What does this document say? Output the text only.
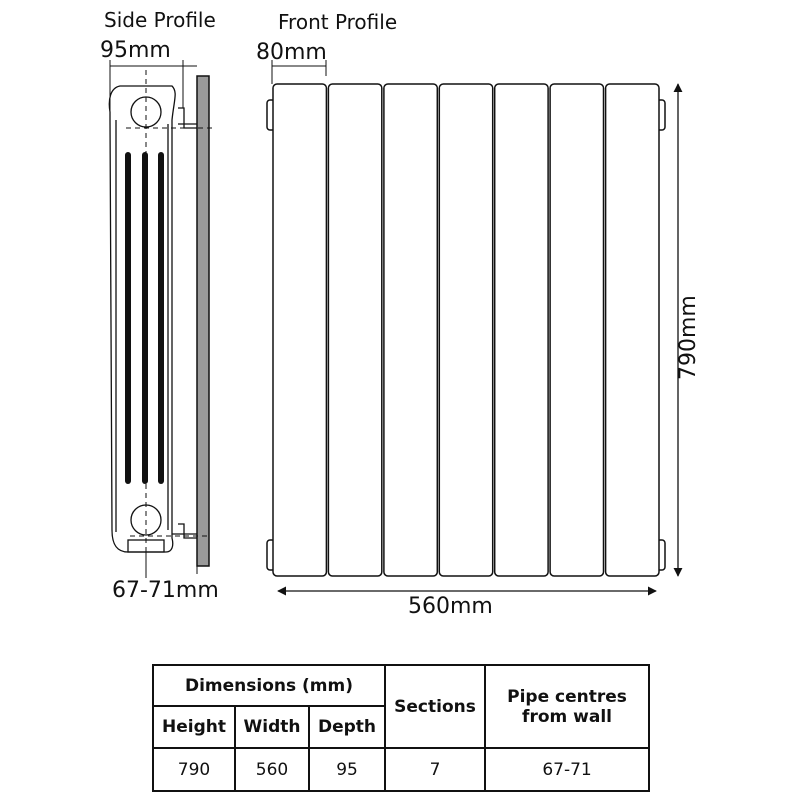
Side Profile	Front Profile
95mm	80mm
67-71mm
560mm
790mm
Dimensions (mm)			Sections	Pipe centres
from wall

Height	Width	Depth		
790	560	95	7	67-71
